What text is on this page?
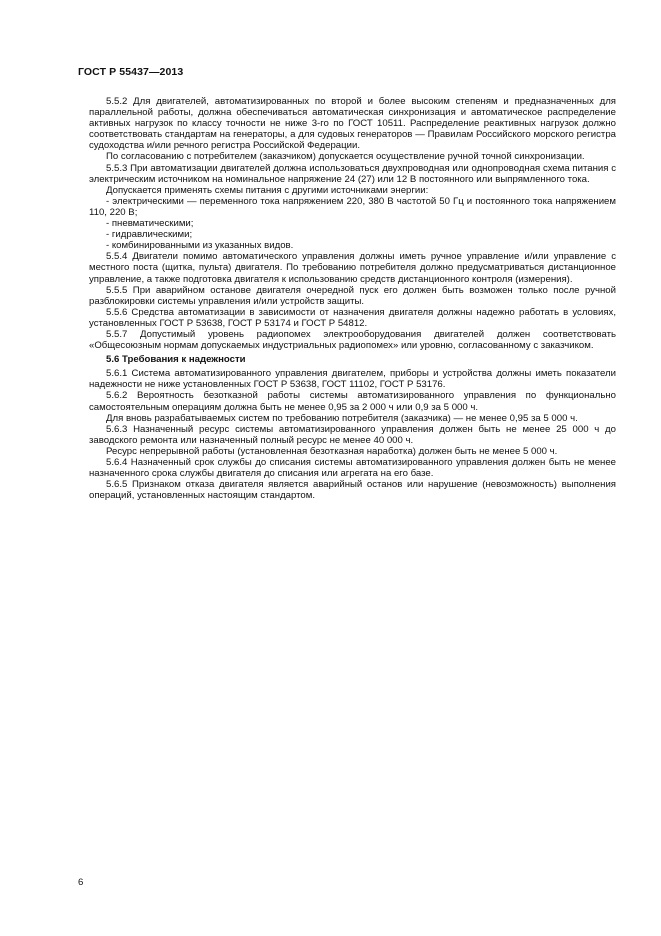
ГОСТ Р 55437—2013

5.5.2 Для двигателей, автоматизированных по второй и более высоким степеням и предназначенных для параллельной работы, должна обеспечиваться автоматическая синхронизация и автоматическое распределение активных нагрузок по классу точности не ниже 3-го по ГОСТ 10511. Распределение реактивных нагрузок должно соответствовать стандартам на генераторы, а для судовых генераторов — Правилам Российского морского регистра судоходства и/или речного регистра Российской Федерации.

По согласованию с потребителем (заказчиком) допускается осуществление ручной точной синхронизации.

5.5.3 При автоматизации двигателей должна использоваться двухпроводная или однопроводная схема питания с электрическим источником на номинальное напряжение 24 (27) или 12 В постоянного или выпрямленного тока.

Допускается применять схемы питания с другими источниками энергии:

- электрическими — переменного тока напряжением 220, 380 В частотой 50 Гц и постоянного тока напряжением 110, 220 В;

- пневматическими;

- гидравлическими;

- комбинированными из указанных видов.

5.5.4 Двигатели помимо автоматического управления должны иметь ручное управление и/или управление с местного поста (щитка, пульта) двигателя. По требованию потребителя должно предусматриваться дистанционное управление, а также подготовка двигателя к использованию средств дистанционного контроля (измерения).

5.5.5 При аварийном останове двигателя очередной пуск его должен быть возможен только после ручной разблокировки системы управления и/или устройств защиты.

5.5.6 Средства автоматизации в зависимости от назначения двигателя должны надежно работать в условиях, установленных ГОСТ Р 53638, ГОСТ Р 53174 и ГОСТ Р 54812.

5.5.7 Допустимый уровень радиопомех электрооборудования двигателей должен соответствовать «Общесоюзным нормам допускаемых индустриальных радиопомех» или уровню, согласованному с заказчиком.

5.6 Требования к надежности

5.6.1 Система автоматизированного управления двигателем, приборы и устройства должны иметь показатели надежности не ниже установленных ГОСТ Р 53638, ГОСТ 11102, ГОСТ Р 53176.

5.6.2 Вероятность безотказной работы системы автоматизированного управления по функционально самостоятельным операциям должна быть не менее 0,95 за 2 000 ч или 0,9 за 5 000 ч.

Для вновь разрабатываемых систем по требованию потребителя (заказчика) — не менее 0,95 за 5 000 ч.

5.6.3 Назначенный ресурс системы автоматизированного управления должен быть не менее 25 000 ч до заводского ремонта или назначенный полный ресурс не менее 40 000 ч.

Ресурс непрерывной работы (установленная безотказная наработка) должен быть не менее 5 000 ч.

5.6.4 Назначенный срок службы до списания системы автоматизированного управления должен быть не менее назначенного срока службы двигателя до списания или агрегата на его базе.

5.6.5 Признаком отказа двигателя является аварийный останов или нарушение (невозможность) выполнения операций, установленных настоящим стандартом.

6
